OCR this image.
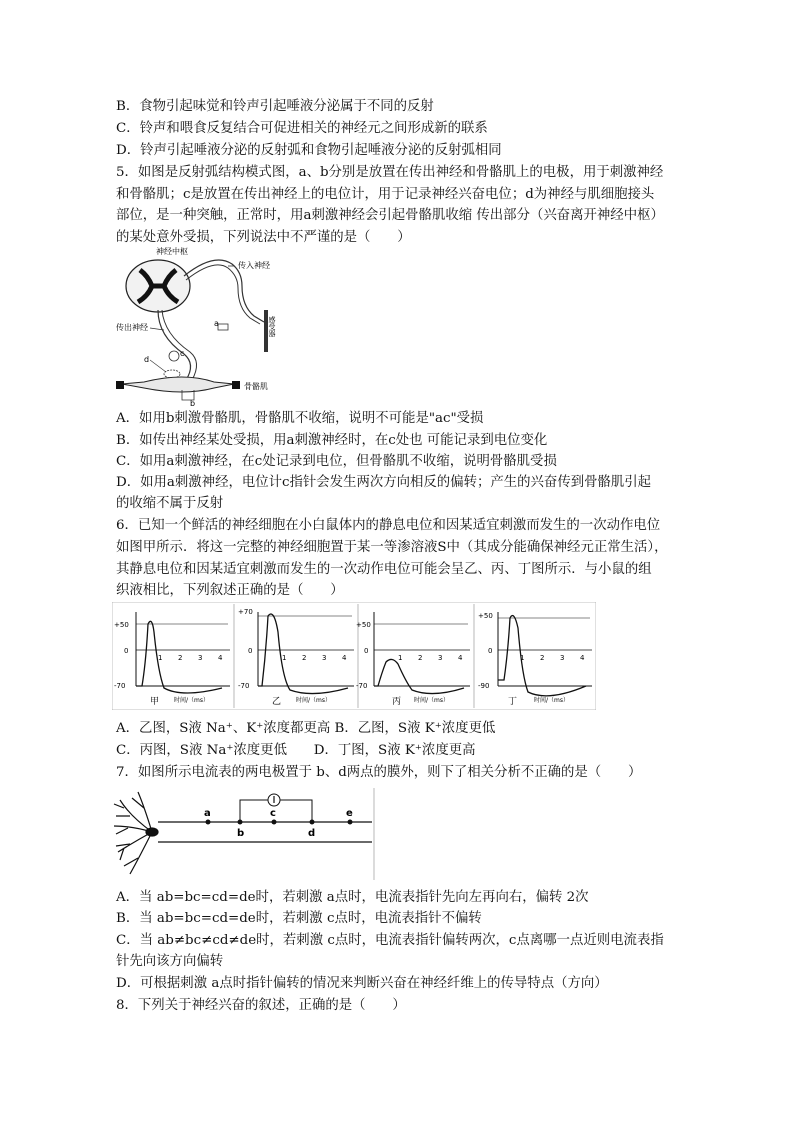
B．食物引起味觉和铃声引起唾液分泌属于不同的反射
C．铃声和喂食反复结合可促进相关的神经元之间形成新的联系
D．铃声引起唾液分泌的反射弧和食物引起唾液分泌的反射弧相同
5．如图是反射弧结构模式图，a、b分别是放置在传出神经和骨骼肌上的电极，用于刺激神经
和骨骼肌；c是放置在传出神经上的电位计，用于记录神经兴奋电位；d为神经与肌细胞接头
部位，是一种突触，正常时，用a刺激神经会引起骨骼肌收缩 传出部分（兴奋离开神经中枢）
的某处意外受损，下列说法中不严谨的是（　　）
神经中枢
传入神经
感受器
传出神经	a
c
d
骨骼肌
b
A．如用b刺激骨骼肌，骨骼肌不收缩，说明不可能是"ac"受损
B．如传出神经某处受损，用a刺激神经时，在c处也 可能记录到电位变化
C．如用a刺激神经，在c处记录到电位，但骨骼肌不收缩，说明骨骼肌受损
D．如用a刺激神经，电位计c指针会发生两次方向相反的偏转；产生的兴奋传到骨骼肌引起
的收缩不属于反射
6．已知一个鲜活的神经细胞在小白鼠体内的静息电位和因某适宜刺激而发生的一次动作电位
如图甲所示．将这一完整的神经细胞置于某一等渗溶液S中（其成分能确保神经元正常生活），
其静息电位和因某适宜刺激而发生的一次动作电位可能会呈乙、丙、丁图所示．与小鼠的组
织液相比，下列叙述正确的是（　　）
+50
0
-70
1 2 3 4
甲 时间/（ms）
+70
0
-70
1 2 3 4
乙 时间/（ms）
+50
0
-70
1 2 3 4
丙 时间/（ms）
+50
0
-90
1 2 3 4
丁	时间/（ms）
A．乙图，S液 Na⁺、K⁺浓度都更高 B．乙图，S液 K⁺浓度更低
C．丙图，S液 Na⁺浓度更低　　D．丁图，S液 K⁺浓度更高
7．如图所示电流表的两电极置于 b、d两点的膜外，则下了相关分析不正确的是（　　）
a
b
c
d
e
A．当 ab=bc=cd=de时，若刺激 a点时，电流表指针先向左再向右，偏转 2次
B．当 ab=bc=cd=de时，若刺激 c点时，电流表指针不偏转
C．当 ab≠bc≠cd≠de时，若刺激 c点时，电流表指针偏转两次，c点离哪一点近则电流表指
针先向该方向偏转
D．可根据刺激 a点时指针偏转的情况来判断兴奋在神经纤维上的传导特点（方向）
8．下列关于神经兴奋的叙述，正确的是（　　）
